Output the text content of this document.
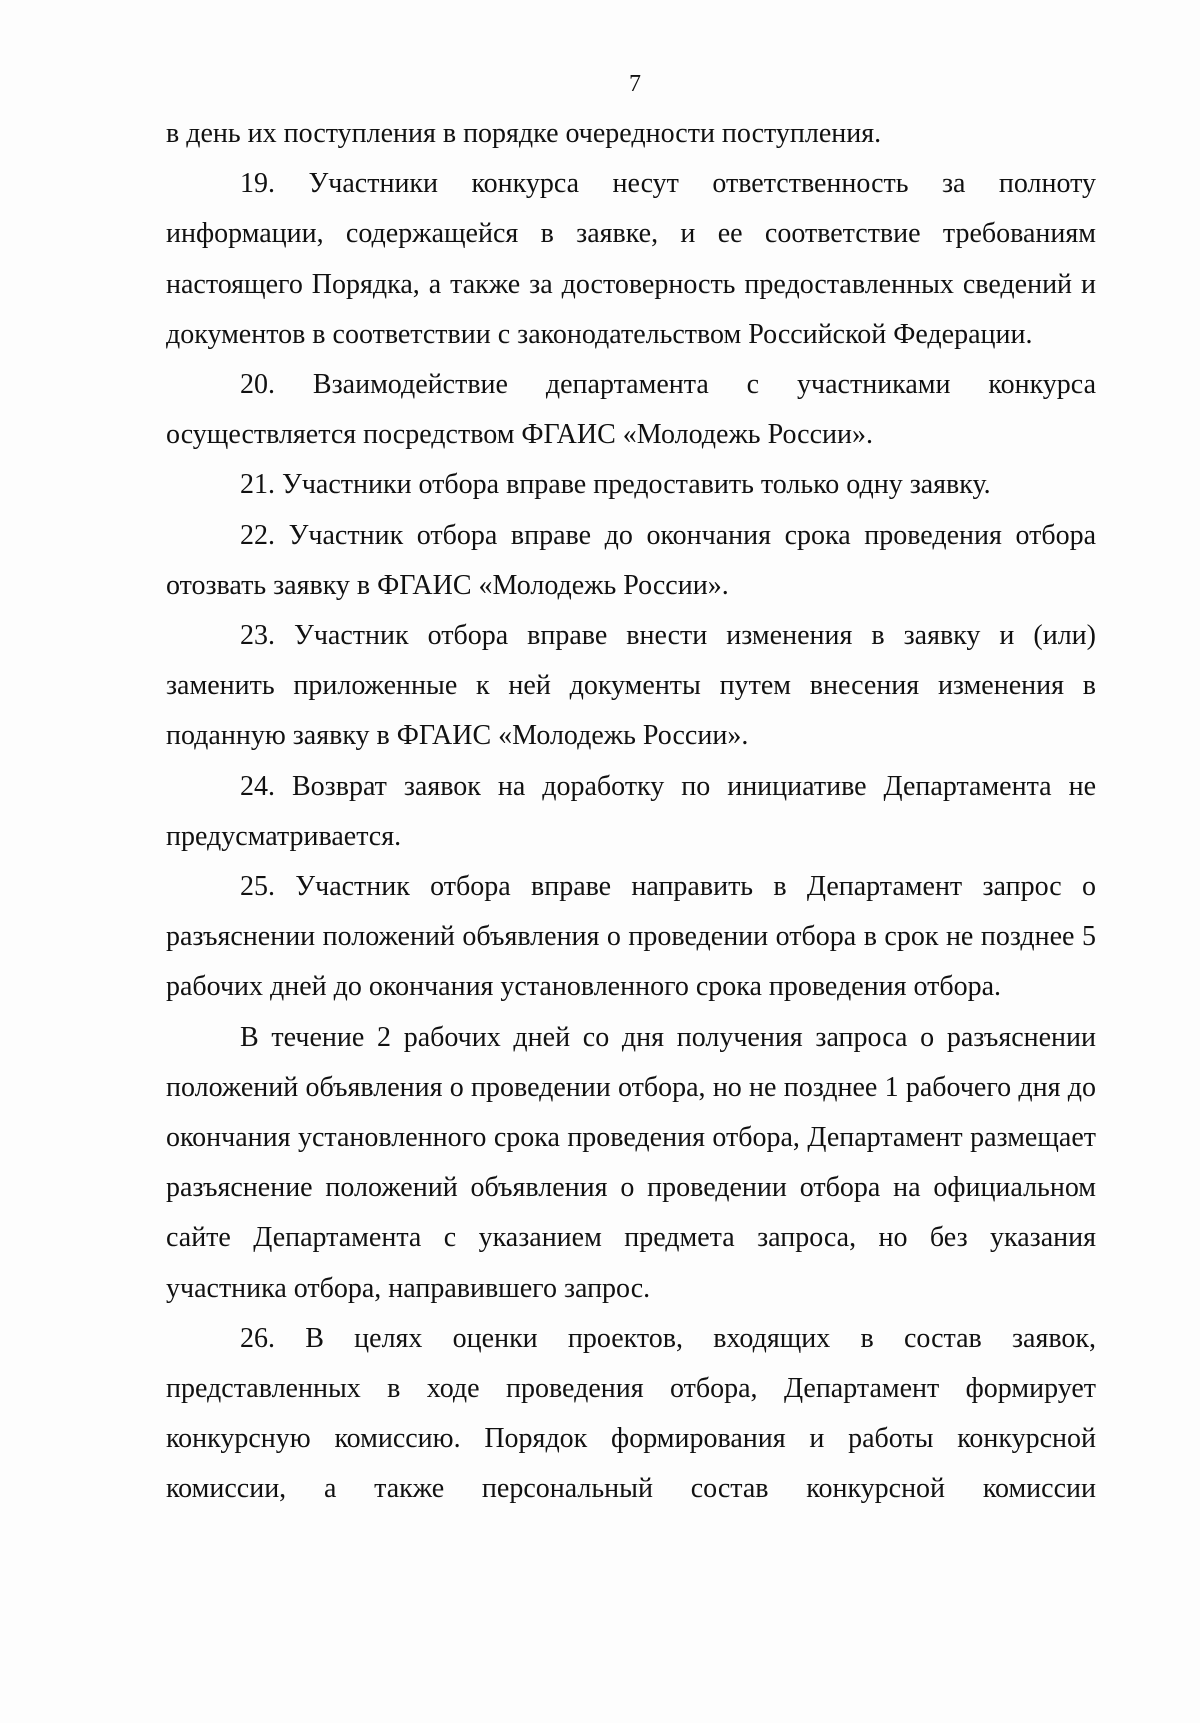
7

в день их поступления в порядке очередности поступления.

19. Участники конкурса несут ответственность за полноту информации, содержащейся в заявке, и ее соответствие требованиям настоящего Порядка, а также за достоверность предоставленных сведений и документов в соответствии с законодательством Российской Федерации.

20. Взаимодействие департамента с участниками конкурса осуществляется посредством ФГАИС «Молодежь России».

21. Участники отбора вправе предоставить только одну заявку.

22. Участник отбора вправе до окончания срока проведения отбора отозвать заявку в ФГАИС «Молодежь России».

23. Участник отбора вправе внести изменения в заявку и (или) заменить приложенные к ней документы путем внесения изменения в поданную заявку в ФГАИС «Молодежь России».

24. Возврат заявок на доработку по инициативе Департамента не предусматривается.

25. Участник отбора вправе направить в Департамент запрос о разъяснении положений объявления о проведении отбора в срок не позднее 5 рабочих дней до окончания установленного срока проведения отбора.

В течение 2 рабочих дней со дня получения запроса о разъяснении положений объявления о проведении отбора, но не позднее 1 рабочего дня до окончания установленного срока проведения отбора, Департамент размещает разъяснение положений объявления о проведении отбора на официальном сайте Департамента с указанием предмета запроса, но без указания участника отбора, направившего запрос.

26. В целях оценки проектов, входящих в состав заявок, представленных в ходе проведения отбора, Департамент формирует конкурсную комиссию. Порядок формирования и работы конкурсной комиссии, а также персональный состав конкурсной комиссии
